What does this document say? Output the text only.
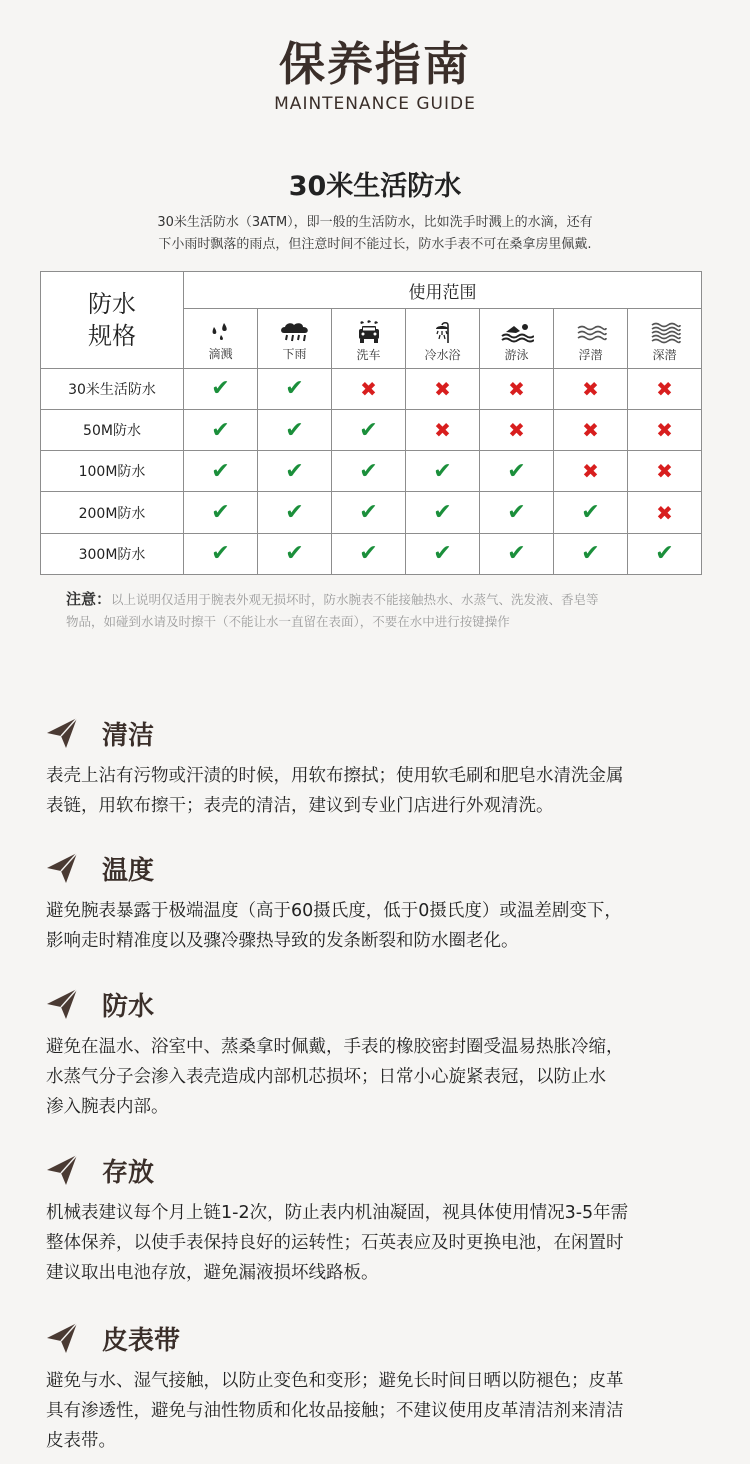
保养指南
MAINTENANCE GUIDE
30米生活防水
30米生活防水（3ATM），即一般的生活防水，比如洗手时溅上的水滴，还有
下小雨时飘落的雨点，但注意时间不能过长，防水手表不可在桑拿房里佩戴.
防水
规格	使用范围						

	滴溅	下雨	洗车	冷水浴	游泳	浮潜	深潜

30米生活防水	✔	✔	✖	✖	✖	✖	✖
50M防水	✔	✔	✔	✖	✖	✖	✖
100M防水	✔	✔	✔	✔	✔	✖	✖
200M防水	✔	✔	✔	✔	✔	✔	✖
300M防水	✔	✔	✔	✔	✔	✔	✔
注意：以上说明仅适用于腕表外观无损坏时，防水腕表不能接触热水、水蒸气、洗发液、香皂等
物品，如碰到水请及时擦干（不能让水一直留在表面），不要在水中进行按键操作
清洁
表壳上沾有污物或汗渍的时候，用软布擦拭；使用软毛刷和肥皂水清洗金属
表链，用软布擦干；表壳的清洁，建议到专业门店进行外观清洗。
温度
避免腕表暴露于极端温度（高于60摄氏度，低于0摄氏度）或温差剧变下，
影响走时精准度以及骤冷骤热导致的发条断裂和防水圈老化。
防水
避免在温水、浴室中、蒸桑拿时佩戴，手表的橡胶密封圈受温易热胀冷缩，
水蒸气分子会渗入表壳造成内部机芯损坏；日常小心旋紧表冠，以防止水
渗入腕表内部。
存放
机械表建议每个月上链1-2次，防止表内机油凝固，视具体使用情况3-5年需
整体保养，以使手表保持良好的运转性；石英表应及时更换电池，在闲置时
建议取出电池存放，避免漏液损坏线路板。
皮表带
避免与水、湿气接触，以防止变色和变形；避免长时间日晒以防褪色；皮革
具有渗透性，避免与油性物质和化妆品接触；不建议使用皮革清洁剂来清洁
皮表带。
